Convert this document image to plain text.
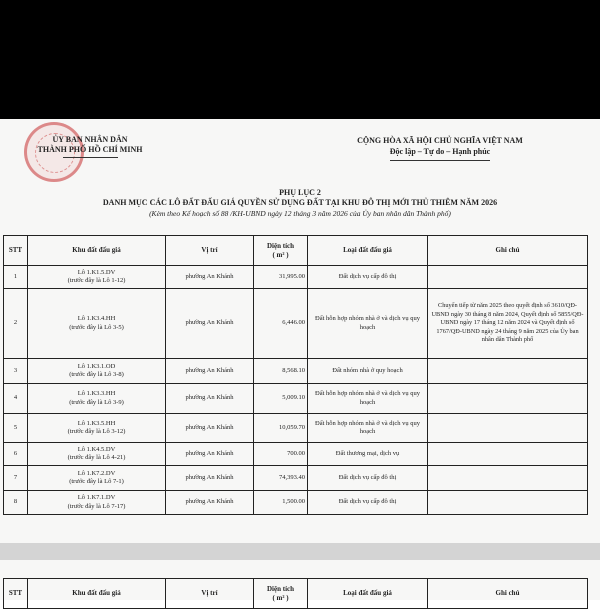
ỦY BAN NHÂN DÂN
THÀNH PHỐ HỒ CHÍ MINH
CỘNG HÒA XÃ HỘI CHỦ NGHĨA VIỆT NAM
Độc lập – Tự do – Hạnh phúc
PHỤ LỤC 2
DANH MỤC CÁC LÔ ĐẤT ĐẤU GIÁ QUYỀN SỬ DỤNG ĐẤT TẠI KHU ĐÔ THỊ MỚI THỦ THIÊM NĂM 2026
(Kèm theo Kế hoạch số 88 /KH-UBND ngày 12 tháng 3 năm 2026 của Ủy ban nhân dân Thành phố)
STT	Khu đất đấu giá	Vị trí	Diện tích
( m² )	Loại đất đấu giá	Ghi chú
1	Lô 1.K1.5.DV
(trước đây là Lô 1-12)	phường An Khánh	31,995.00	Đất dịch vụ cấp đô thị	
2	Lô 1.K3.4.HH
(trước đây là Lô 3-5)	phường An Khánh	6,446.00	Đất hỗn hợp nhóm nhà ở và dịch vụ quy hoạch	Chuyển tiếp từ năm 2025 theo quyết định số 3610/QĐ-UBND ngày 30 tháng 8 năm 2024, Quyết định số 5855/QĐ-UBND ngày 17 tháng 12 năm 2024 và Quyết định số 1767/QĐ-UBND ngày 24 tháng 9 năm 2025 của Ủy ban nhân dân Thành phố
3	Lô 1.K3.1.OD
(trước đây là Lô 3-8)	phường An Khánh	8,568.10	Đất nhóm nhà ở quy hoạch	
4	Lô 1.K3.3.HH
(trước đây là Lô 3-9)	phường An Khánh	5,009.10	Đất hỗn hợp nhóm nhà ở và dịch vụ quy hoạch	
5	Lô 1.K3.5.HH
(trước đây là Lô 3-12)	phường An Khánh	10,059.70	Đất hỗn hợp nhóm nhà ở và dịch vụ quy hoạch	
6	Lô 1.K4.5.DV
(trước đây là Lô 4-21)	phường An Khánh	700.00	Đất thương mại, dịch vụ	
7	Lô 1.K7.2.DV
(trước đây là Lô 7-1)	phường An Khánh	74,393.40	Đất dịch vụ cấp đô thị	
8	Lô 1.K7.1.DV
(trước đây là Lô 7-17)	phường An Khánh	1,500.00	Đất dịch vụ cấp đô thị	
STT	Khu đất đấu giá	Vị trí	Diện tích
( m² )	Loại đất đấu giá	Ghi chú
